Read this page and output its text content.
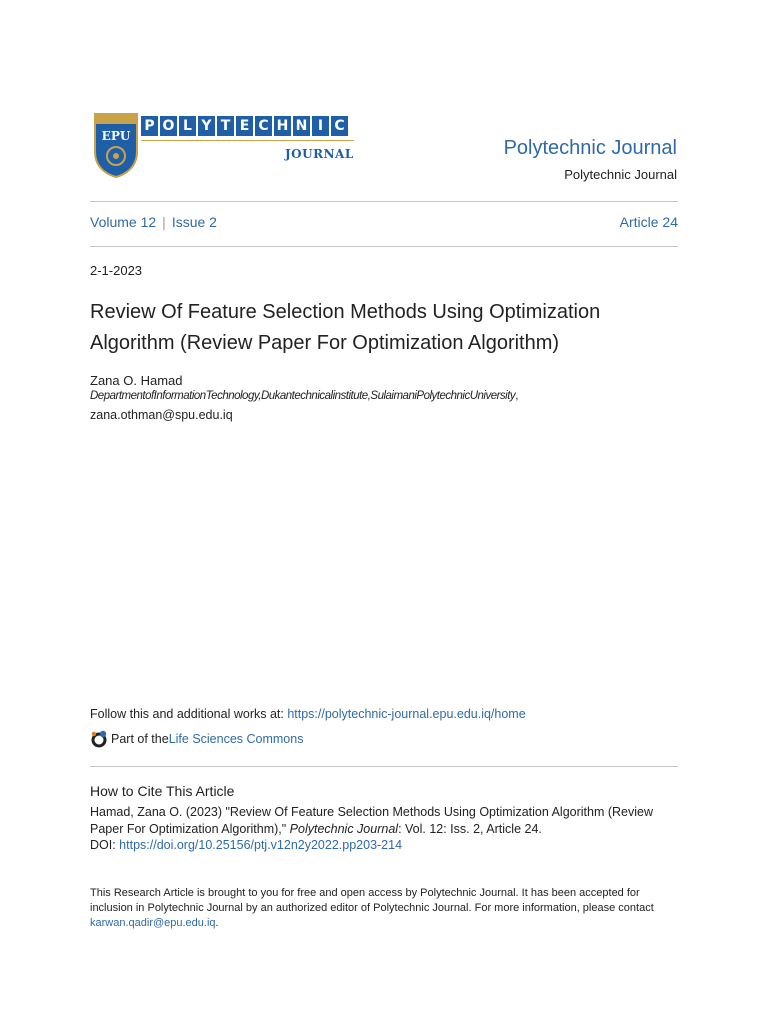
EPU
P O L Y T E C H N I C
JOURNAL	Polytechnic Journal
Polytechnic Journal
Volume 12 | Issue 2	Article 24
2-1-2023
Review Of Feature Selection Methods Using Optimization Algorithm (Review Paper For Optimization Algorithm)
Zana O. Hamad
DepartmentofInformationTechnology,Dukantechnicalinstitute,SulaimaniPolytechnicUniversity,
zana.othman@spu.edu.iq
Follow this and additional works at: https://polytechnic-journal.epu.edu.iq/home
Part of the Life Sciences Commons
How to Cite This Article
Hamad, Zana O. (2023) "Review Of Feature Selection Methods Using Optimization Algorithm (Review Paper For Optimization Algorithm)," Polytechnic Journal: Vol. 12: Iss. 2, Article 24.
DOI: https://doi.org/10.25156/ptj.v12n2y2022.pp203-214
This Research Article is brought to you for free and open access by Polytechnic Journal. It has been accepted for inclusion in Polytechnic Journal by an authorized editor of Polytechnic Journal. For more information, please contact karwan.qadir@epu.edu.iq.
